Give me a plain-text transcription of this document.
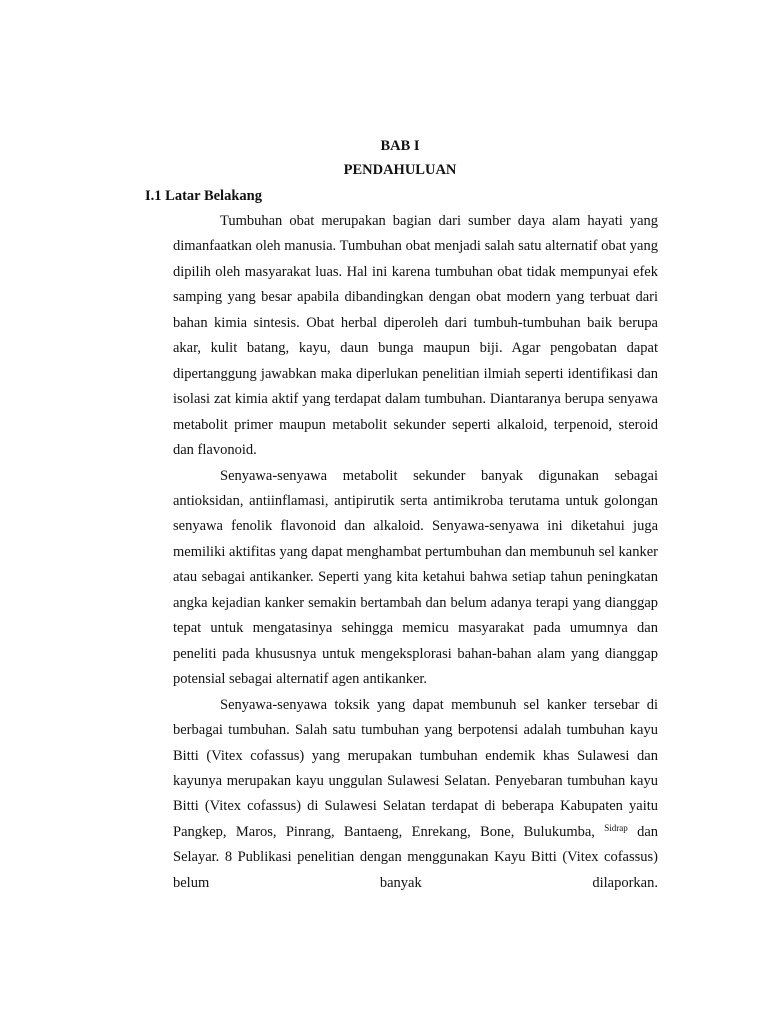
BAB I
PENDAHULUAN
I.1 Latar Belakang

Tumbuhan obat merupakan bagian dari sumber daya alam hayati yang dimanfaatkan oleh manusia. Tumbuhan obat menjadi salah satu alternatif obat yang dipilih oleh masyarakat luas. Hal ini karena tumbuhan obat tidak mempunyai efek samping yang besar apabila dibandingkan dengan obat modern yang terbuat dari bahan kimia sintesis. Obat herbal diperoleh dari tumbuh-tumbuhan baik berupa akar, kulit batang, kayu, daun bunga maupun biji. Agar pengobatan dapat dipertanggung jawabkan maka diperlukan penelitian ilmiah seperti identifikasi dan isolasi zat kimia aktif yang terdapat dalam tumbuhan. Diantaranya berupa senyawa metabolit primer maupun metabolit sekunder seperti alkaloid, terpenoid, steroid dan flavonoid.

Senyawa-senyawa metabolit sekunder banyak digunakan sebagai antioksidan, antiinflamasi, antipirutik serta antimikroba terutama untuk golongan senyawa fenolik flavonoid dan alkaloid. Senyawa-senyawa ini diketahui juga memiliki aktifitas yang dapat menghambat pertumbuhan dan membunuh sel kanker atau sebagai antikanker. Seperti yang kita ketahui bahwa setiap tahun peningkatan angka kejadian kanker semakin bertambah dan belum adanya terapi yang dianggap tepat untuk mengatasinya sehingga memicu masyarakat pada umumnya dan peneliti pada khususnya untuk mengeksplorasi bahan-bahan alam yang dianggap potensial sebagai alternatif agen antikanker.

Senyawa-senyawa toksik yang dapat membunuh sel kanker tersebar di berbagai tumbuhan. Salah satu tumbuhan yang berpotensi adalah tumbuhan kayu Bitti (Vitex cofassus) yang merupakan tumbuhan endemik khas Sulawesi dan kayunya merupakan kayu unggulan Sulawesi Selatan. Penyebaran tumbuhan kayu Bitti (Vitex cofassus) di Sulawesi Selatan terdapat di beberapa Kabupaten yaitu Pangkep, Maros, Pinrang, Bantaeng, Enrekang, Bone, Bulukumba, $^{Sidrap}$ dan Selayar. 8 Publikasi penelitian dengan menggunakan Kayu Bitti (Vitex cofassus) belum banyak dilaporkan.
